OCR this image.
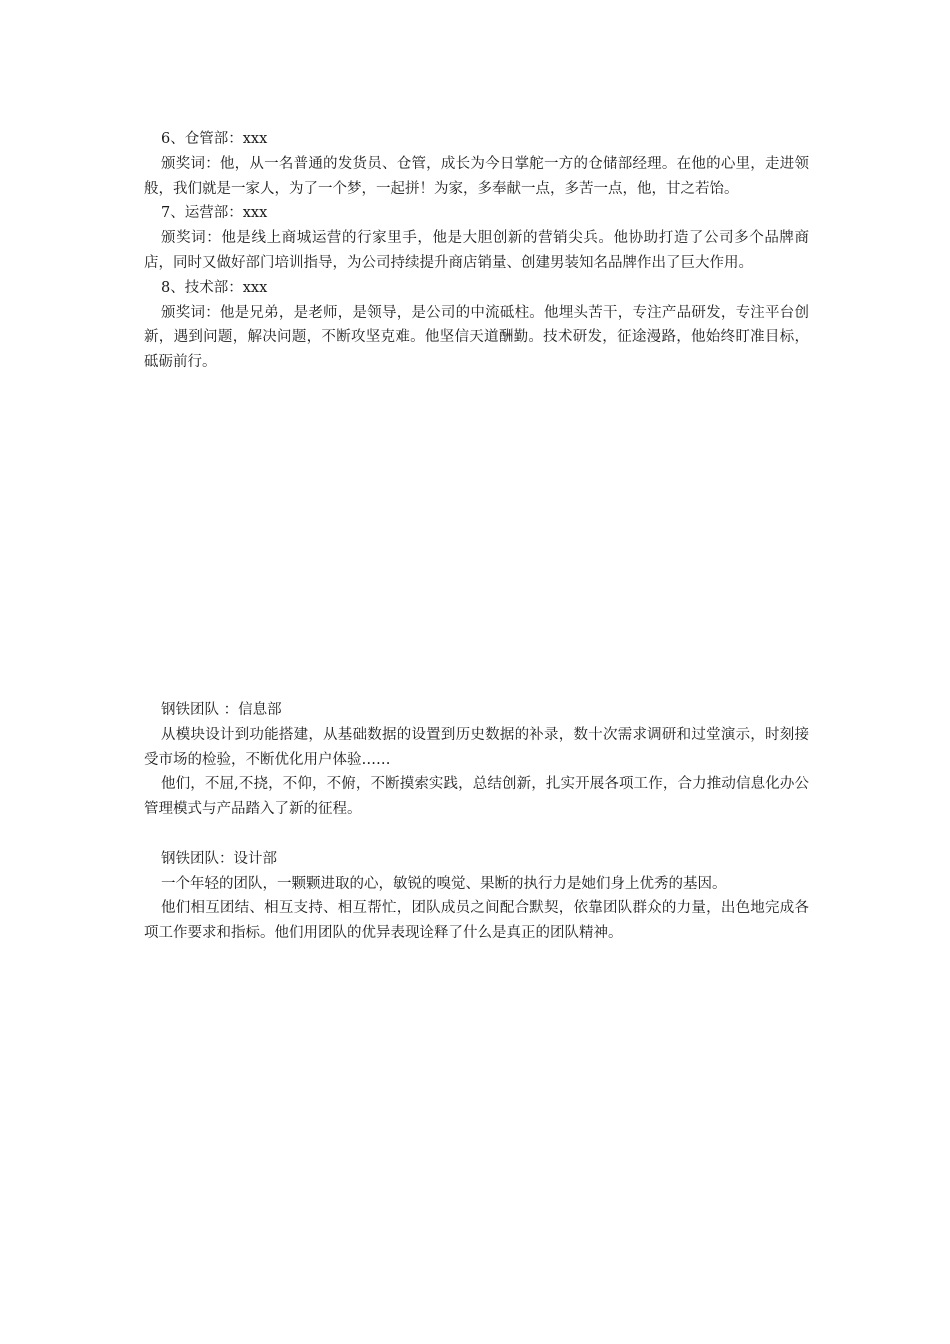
6、仓管部：xxx

颁奖词：他，从一名普通的发货员、仓管，成长为今日掌舵一方的仓储部经理。在他的心里，走进领般，我们就是一家人，为了一个梦，一起拼！为家，多奉献一点，多苦一点，他，甘之若饴。

7、运营部：xxx

颁奖词：他是线上商城运营的行家里手，他是大胆创新的营销尖兵。他协助打造了公司多个品牌商店，同时又做好部门培训指导，为公司持续提升商店销量、创建男装知名品牌作出了巨大作用。

8、技术部：xxx

颁奖词：他是兄弟，是老师，是领导，是公司的中流砥柱。他埋头苦干，专注产品研发，专注平台创新，遇到问题，解决问题，不断攻坚克难。他坚信天道酬勤。技术研发，征途漫路，他始终盯准目标，砥砺前行。

钢铁团队 ：信息部

从模块设计到功能搭建，从基础数据的设置到历史数据的补录，数十次需求调研和过堂演示，时刻接受市场的检验，不断优化用户体验……

他们，不屈,不挠，不仰，不俯，不断摸索实践，总结创新，扎实开展各项工作，合力推动信息化办公管理模式与产品踏入了新的征程。

钢铁团队：设计部

一个年轻的团队，一颗颗进取的心，敏锐的嗅觉、果断的执行力是她们身上优秀的基因。

他们相互团结、相互支持、相互帮忙，团队成员之间配合默契，依靠团队群众的力量，出色地完成各项工作要求和指标。他们用团队的优异表现诠释了什么是真正的团队精神。
